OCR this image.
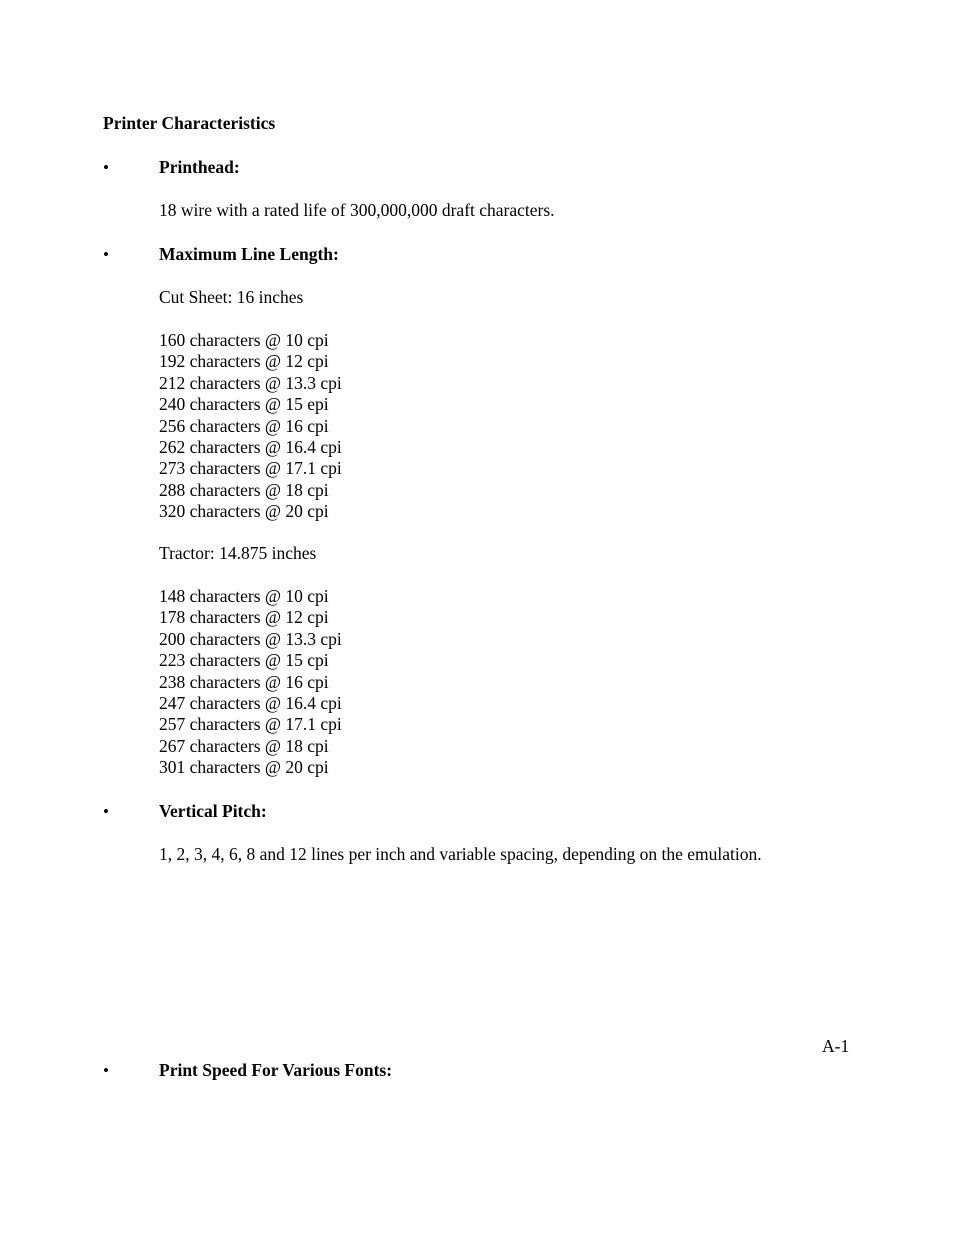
Printer Characteristics
•	Printhead:
18 wire with a rated life of 300,000,000 draft characters.
•	Maximum Line Length:
Cut Sheet: 16 inches
160 characters @ 10 cpi
192 characters @ 12 cpi
212 characters @ 13.3 cpi
240 characters @ 15 epi
256 characters @ 16 cpi
262 characters @ 16.4 cpi
273 characters @ 17.1 cpi
288 characters @ 18 cpi
320 characters @ 20 cpi
Tractor: 14.875 inches
148 characters @ 10 cpi
178 characters @ 12 cpi
200 characters @ 13.3 cpi
223 characters @ 15 cpi
238 characters @ 16 cpi
247 characters @ 16.4 cpi
257 characters @ 17.1 cpi
267 characters @ 18 cpi
301 characters @ 20 cpi
•	Vertical Pitch:
1, 2, 3, 4, 6, 8 and 12 lines per inch and variable spacing, depending on the emulation.
A-1
•	Print Speed For Various Fonts:
